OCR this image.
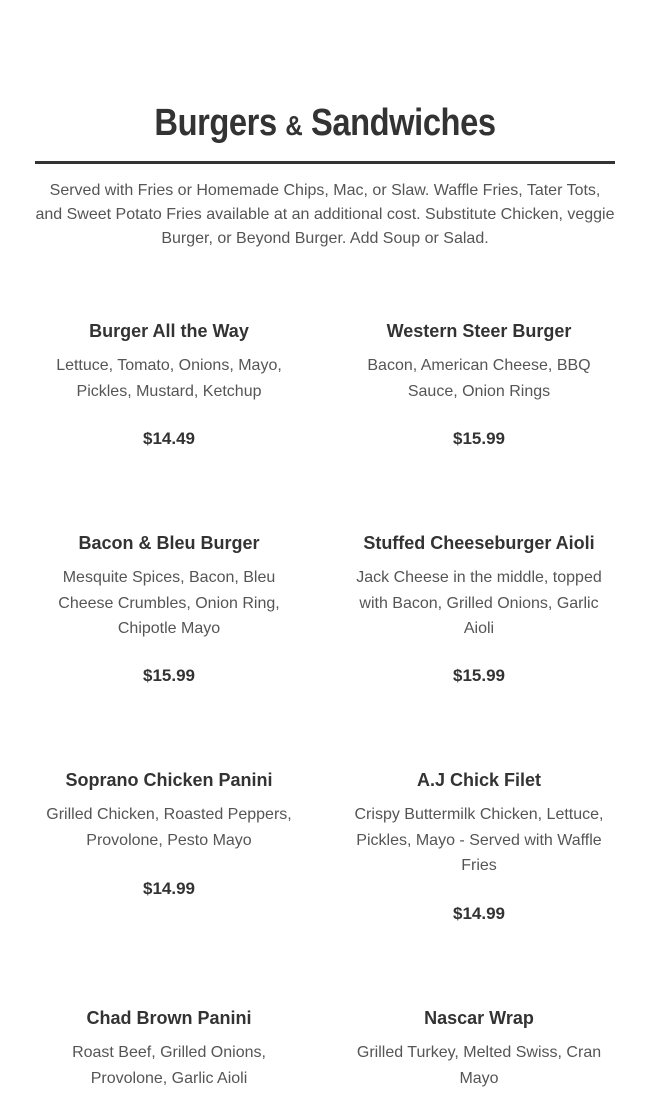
Burgers & Sandwiches

Served with Fries or Homemade Chips, Mac, or Slaw. Waffle Fries, Tater Tots, and Sweet Potato Fries available at an additional cost. Substitute Chicken, veggie Burger, or Beyond Burger. Add Soup or Salad.

Burger All the Way

Lettuce, Tomato, Onions, Mayo, Pickles, Mustard, Ketchup

$14.49

Western Steer Burger

Bacon, American Cheese, BBQ Sauce, Onion Rings

$15.99

Bacon & Bleu Burger

Mesquite Spices, Bacon, Bleu Cheese Crumbles, Onion Ring, Chipotle Mayo

$15.99

Stuffed Cheeseburger Aioli

Jack Cheese in the middle, topped with Bacon, Grilled Onions, Garlic Aioli

$15.99

Soprano Chicken Panini

Grilled Chicken, Roasted Peppers, Provolone, Pesto Mayo

$14.99

A.J Chick Filet

Crispy Buttermilk Chicken, Lettuce, Pickles, Mayo - Served with Waffle Fries

$14.99

Chad Brown Panini

Roast Beef, Grilled Onions, Provolone, Garlic Aioli

Nascar Wrap

Grilled Turkey, Melted Swiss, Cran Mayo
